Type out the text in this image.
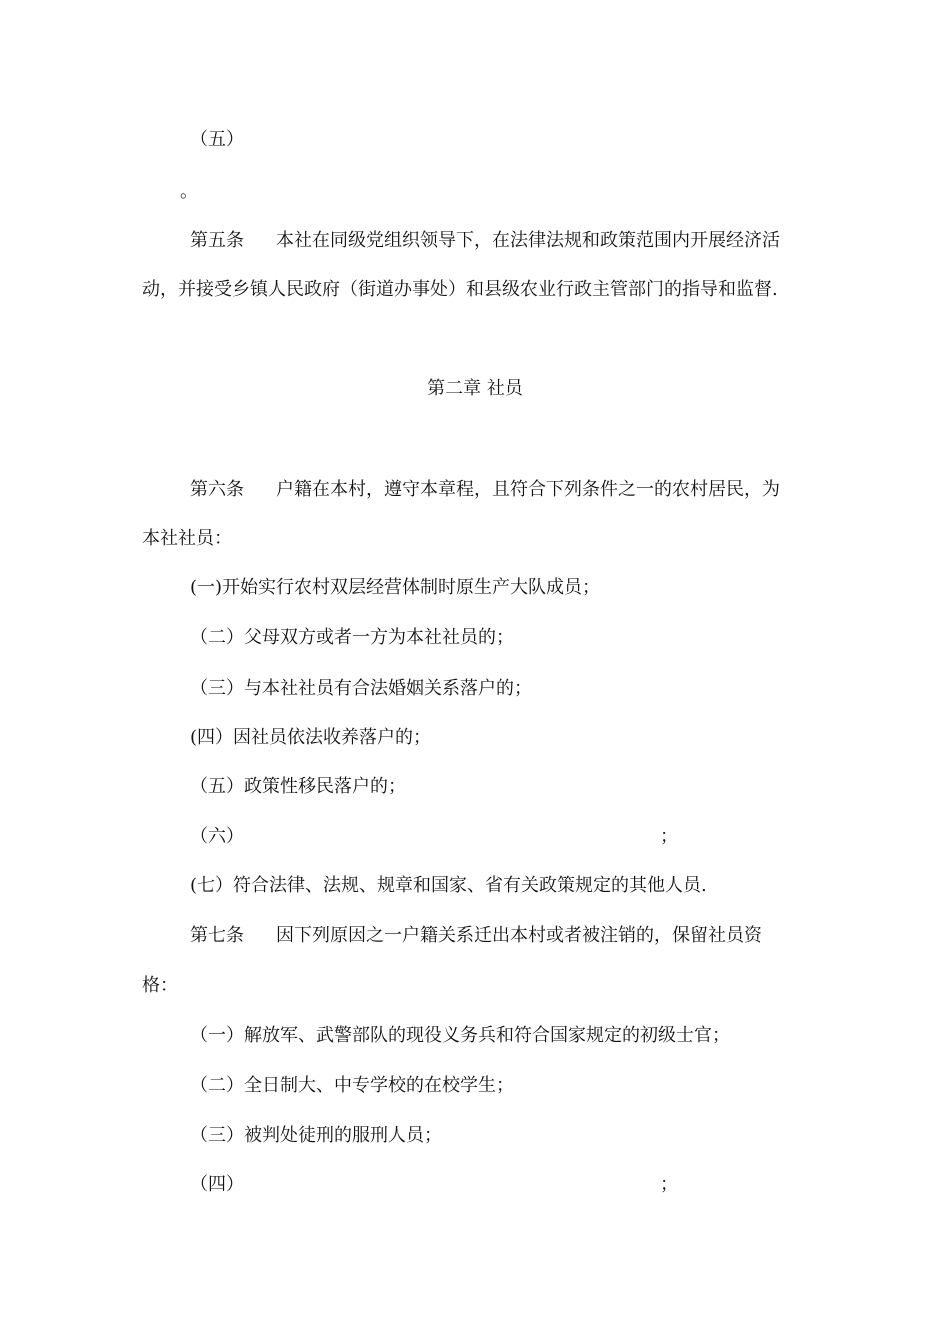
（五）
。
第五条 本社在同级党组织领导下，在法律法规和政策范围内开展经济活
动，并接受乡镇人民政府（街道办事处）和县级农业行政主管部门的指导和监督.
第二章 社员
第六条 户籍在本村，遵守本章程，且符合下列条件之一的农村居民，为
本社社员：
(一)开始实行农村双层经营体制时原生产大队成员；
（二）父母双方或者一方为本社社员的；
（三）与本社社员有合法婚姻关系落户的；
(四）因社员依法收养落户的；
（五）政策性移民落户的；
（六）	；
(七）符合法律、法规、规章和国家、省有关政策规定的其他人员.
第七条 因下列原因之一户籍关系迁出本村或者被注销的，保留社员资
格：
（一）解放军、武警部队的现役义务兵和符合国家规定的初级士官；
（二）全日制大、中专学校的在校学生；
（三）被判处徒刑的服刑人员；
（四）	；
